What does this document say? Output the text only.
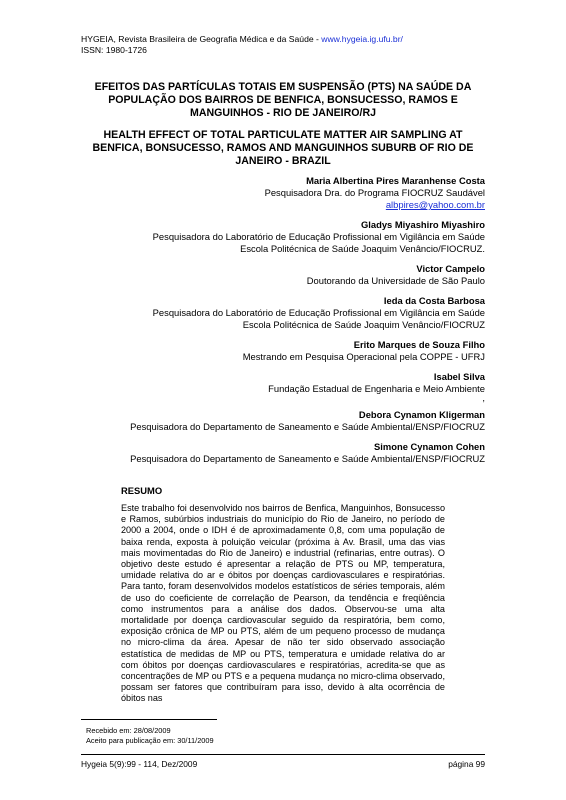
HYGEIA, Revista Brasileira de Geografia Médica e da Saúde - www.hygeia.ig.ufu.br/
ISSN: 1980-1726
EFEITOS DAS PARTÍCULAS TOTAIS EM SUSPENSÃO (PTS) NA SAÚDE DA POPULAÇÃO DOS BAIRROS DE BENFICA, BONSUCESSO, RAMOS E MANGUINHOS - RIO DE JANEIRO/RJ
HEALTH EFFECT OF TOTAL PARTICULATE MATTER AIR SAMPLING AT BENFICA, BONSUCESSO, RAMOS AND MANGUINHOS SUBURB OF RIO DE JANEIRO - BRAZIL
Maria Albertina Pires Maranhense Costa
Pesquisadora Dra. do Programa FIOCRUZ Saudável
albpires@yahoo.com.br
Gladys Miyashiro Miyashiro
Pesquisadora do Laboratório de Educação Profissional em Vigilância em Saúde
Escola Politécnica de Saúde Joaquim Venâncio/FIOCRUZ.
Victor Campelo
Doutorando da Universidade de São Paulo
Ieda da Costa Barbosa
Pesquisadora do Laboratório de Educação Profissional em Vigilância em Saúde
Escola Politécnica de Saúde Joaquim Venâncio/FIOCRUZ
Erito Marques de Souza Filho
Mestrando em Pesquisa Operacional pela COPPE - UFRJ
Isabel Silva
Fundação Estadual de Engenharia e Meio Ambiente
,
Debora Cynamon Kligerman
Pesquisadora do Departamento de Saneamento e Saúde Ambiental/ENSP/FIOCRUZ
Simone Cynamon Cohen
Pesquisadora do Departamento de Saneamento e Saúde Ambiental/ENSP/FIOCRUZ
RESUMO
Este trabalho foi desenvolvido nos bairros de Benfica, Manguinhos, Bonsucesso e Ramos, subúrbios industriais do município do Rio de Janeiro, no período de 2000 a 2004, onde o IDH é de aproximadamente 0,8, com uma população de baixa renda, exposta à poluição veicular (próxima à Av. Brasil, uma das vias mais movimentadas do Rio de Janeiro) e industrial (refinarias, entre outras). O objetivo deste estudo é apresentar a relação de PTS ou MP, temperatura, umidade relativa do ar e óbitos por doenças cardiovasculares e respiratórias. Para tanto, foram desenvolvidos modelos estatísticos de séries temporais, além de uso do coeficiente de correlação de Pearson, da tendência e freqüência como instrumentos para a análise dos dados. Observou-se uma alta mortalidade por doença cardiovascular seguido da respiratória, bem como, exposição crônica de MP ou PTS, além de um pequeno processo de mudança no micro-clima da área. Apesar de não ter sido observado associação estatística de medidas de MP ou PTS, temperatura e umidade relativa do ar com óbitos por doenças cardiovasculares e respiratórias, acredita-se que as concentrações de MP ou PTS e a pequena mudança no micro-clima observado, possam ser fatores que contribuíram para isso, devido à alta ocorrência de óbitos nas
Recebido em: 28/08/2009
Aceito para publicação em: 30/11/2009
Hygeia 5(9):99 - 114, Dez/2009	página 99
